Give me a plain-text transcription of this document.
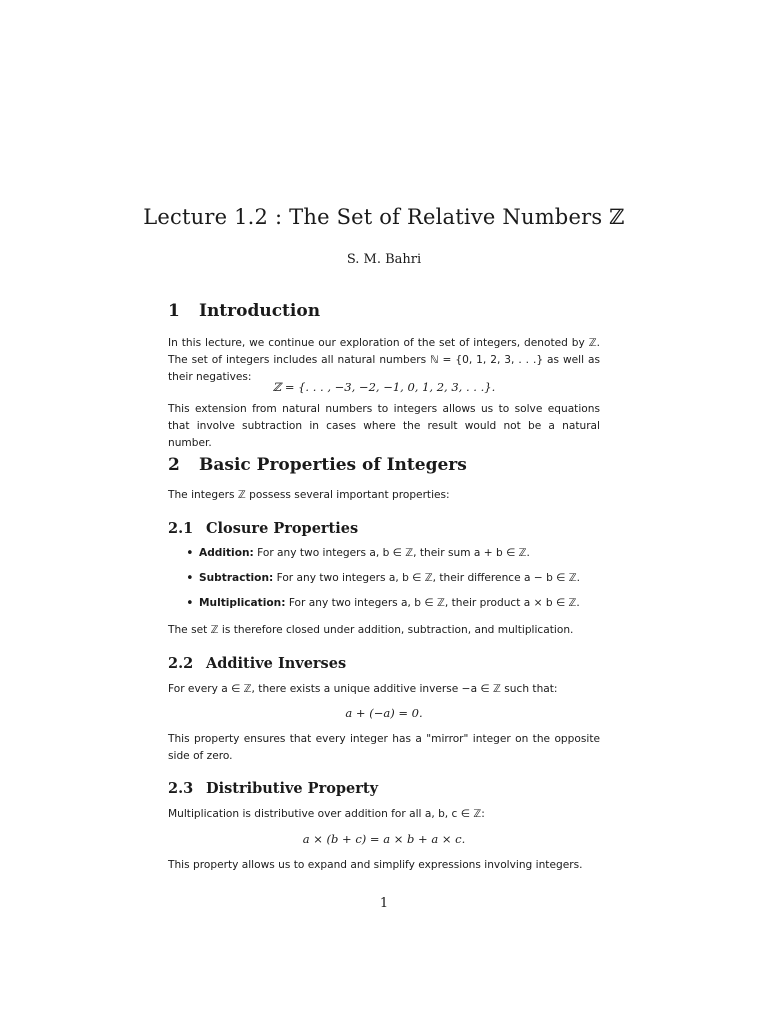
Lecture 1.2 : The Set of Relative Numbers ℤ
S. M. Bahri
1 Introduction
In this lecture, we continue our exploration of the set of integers, denoted by ℤ. The set of integers includes all natural numbers ℕ = {0, 1, 2, 3, . . .} as well as their negatives:
ℤ = {. . . , −3, −2, −1, 0, 1, 2, 3, . . .}.
This extension from natural numbers to integers allows us to solve equations that involve subtraction in cases where the result would not be a natural number.
2 Basic Properties of Integers
The integers ℤ possess several important properties:
2.1 Closure Properties
• Addition: For any two integers a, b ∈ ℤ, their sum a + b ∈ ℤ.
• Subtraction: For any two integers a, b ∈ ℤ, their difference a − b ∈ ℤ.
• Multiplication: For any two integers a, b ∈ ℤ, their product a × b ∈ ℤ.
The set ℤ is therefore closed under addition, subtraction, and multiplication.
2.2 Additive Inverses
For every a ∈ ℤ, there exists a unique additive inverse −a ∈ ℤ such that:
a + (−a) = 0.
This property ensures that every integer has a "mirror" integer on the opposite side of zero.
2.3 Distributive Property
Multiplication is distributive over addition for all a, b, c ∈ ℤ:
a × (b + c) = a × b + a × c.
This property allows us to expand and simplify expressions involving integers.
1
